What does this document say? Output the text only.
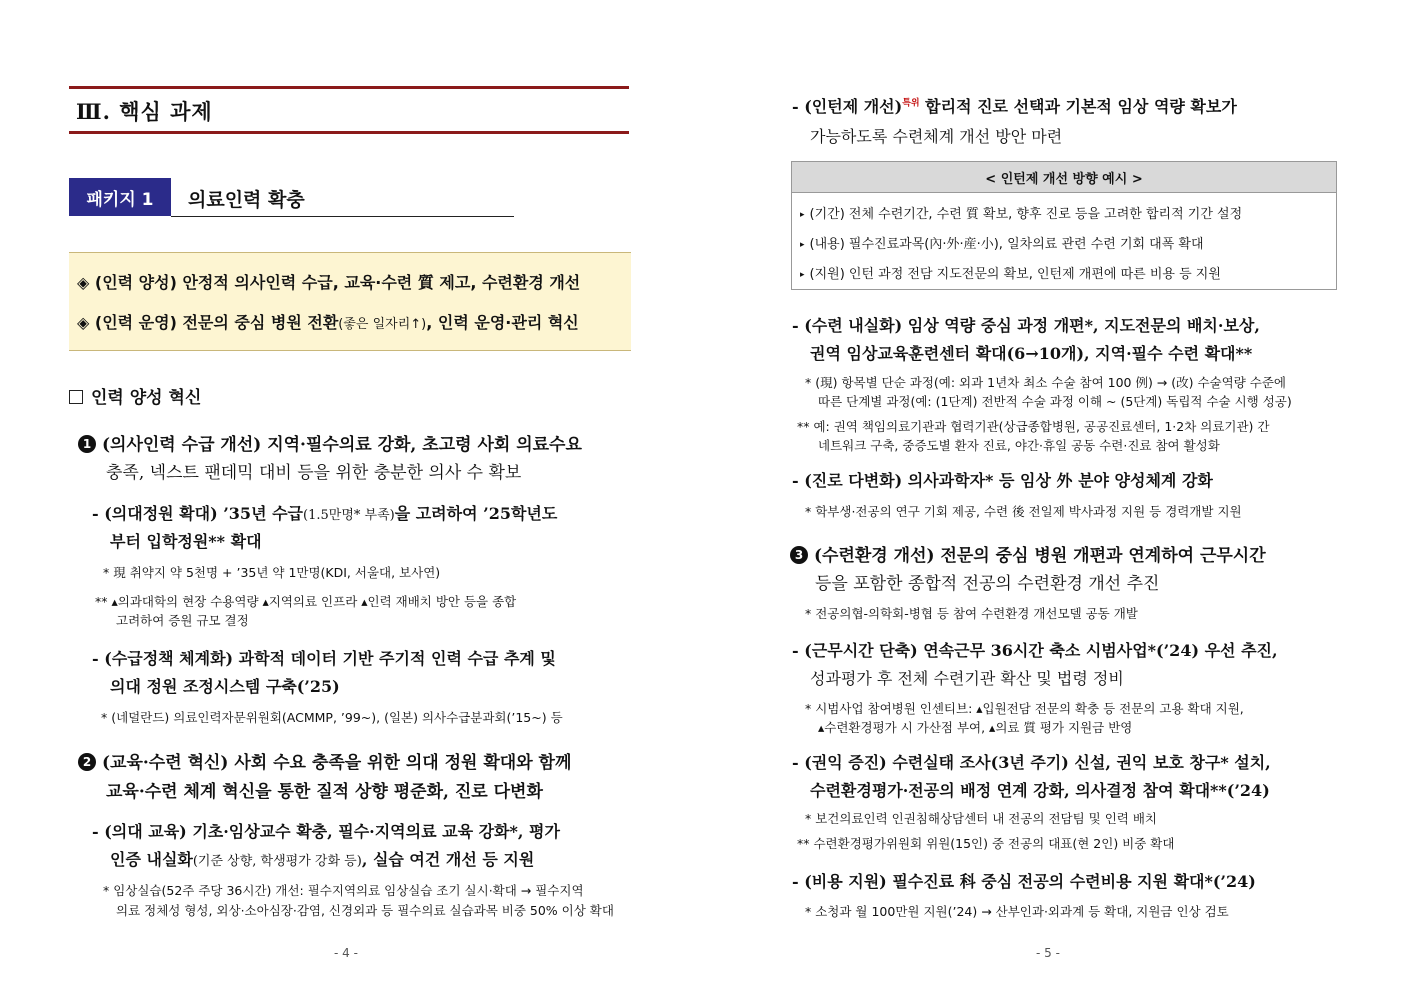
Ⅲ. 핵심 과제
패키지 1	의료인력 확충
◈ (인력 양성) 안정적 의사인력 수급, 교육·수련 質 제고, 수련환경 개선
◈ (인력 운영) 전문의 중심 병원 전환(좋은 일자리↑), 인력 운영·관리 혁신
인력 양성 혁신
1 (의사인력 수급 개선) 지역·필수의료 강화, 초고령 사회 의료수요
충족, 넥스트 팬데믹 대비 등을 위한 충분한 의사 수 확보
- (의대정원 확대) ’35년 수급(1.5만명* 부족)을 고려하여 ’25학년도
부터 입학정원** 확대
* 現 취약지 약 5천명 + ’35년 약 1만명(KDI, 서울대, 보사연)
** ▴의과대학의 현장 수용역량 ▴지역의료 인프라 ▴인력 재배치 방안 등을 종합
고려하여 증원 규모 결정
- (수급정책 체계화) 과학적 데이터 기반 주기적 인력 수급 추계 및
의대 정원 조정시스템 구축(’25)
* (네덜란드) 의료인력자문위원회(ACMMP, ’99~), (일본) 의사수급분과회(’15~) 등
2 (교육·수련 혁신) 사회 수요 충족을 위한 의대 정원 확대와 함께
교육·수련 체계 혁신을 통한 질적 상향 평준화, 진로 다변화
- (의대 교육) 기초·임상교수 확충, 필수·지역의료 교육 강화*, 평가
인증 내실화(기준 상향, 학생평가 강화 등), 실습 여건 개선 등 지원
* 임상실습(52주 주당 36시간) 개선: 필수지역의료 임상실습 조기 실시·확대 → 필수지역
의료 정체성 형성, 외상·소아심장·감염, 신경외과 등 필수의료 실습과목 비중 50% 이상 확대
- 4 -
- (인턴제 개선)$^{특위}$ 합리적 진로 선택과 기본적 임상 역량 확보가
가능하도록 수련체계 개선 방안 마련
< 인턴제 개선 방향 예시 >
▸ (기간) 전체 수련기간, 수련 質 확보, 향후 진로 등을 고려한 합리적 기간 설정
▸ (내용) 필수진료과목(內·外·産·小), 일차의료 관련 수련 기회 대폭 확대
▸ (지원) 인턴 과정 전담 지도전문의 확보, 인턴제 개편에 따른 비용 등 지원
- (수련 내실화) 임상 역량 중심 과정 개편*, 지도전문의 배치·보상,
권역 임상교육훈련센터 확대(6→10개), 지역·필수 수련 확대**
* (現) 항목별 단순 과정(예: 외과 1년차 최소 수술 참여 100 例) → (改) 수술역량 수준에
따른 단계별 과정(예: (1단계) 전반적 수술 과정 이해 ~ (5단계) 독립적 수술 시행 성공)
** 예: 권역 책임의료기관과 협력기관(상급종합병원, 공공진료센터, 1·2차 의료기관) 간
네트워크 구축, 중증도별 환자 진료, 야간·휴일 공동 수련·진료 참여 활성화
- (진로 다변화) 의사과학자* 등 임상 外 분야 양성체계 강화
* 학부생·전공의 연구 기회 제공, 수련 後 전일제 박사과정 지원 등 경력개발 지원
3 (수련환경 개선) 전문의 중심 병원 개편과 연계하여 근무시간
등을 포함한 종합적 전공의 수련환경 개선 추진
* 전공의협-의학회-병협 등 참여 수련환경 개선모델 공동 개발
- (근무시간 단축) 연속근무 36시간 축소 시범사업*(’24) 우선 추진,
성과평가 후 전체 수련기관 확산 및 법령 정비
* 시범사업 참여병원 인센티브: ▴입원전담 전문의 확충 등 전문의 고용 확대 지원,
▴수련환경평가 시 가산점 부여, ▴의료 質 평가 지원금 반영
- (권익 증진) 수련실태 조사(3년 주기) 신설, 권익 보호 창구* 설치,
수련환경평가·전공의 배정 연계 강화, 의사결정 참여 확대**(’24)
* 보건의료인력 인권침해상담센터 내 전공의 전담팀 및 인력 배치
** 수련환경평가위원회 위원(15인) 중 전공의 대표(현 2인) 비중 확대
- (비용 지원) 필수진료 科 중심 전공의 수련비용 지원 확대*(’24)
* 소청과 월 100만원 지원(’24) → 산부인과·외과계 등 확대, 지원금 인상 검토
- 5 -
